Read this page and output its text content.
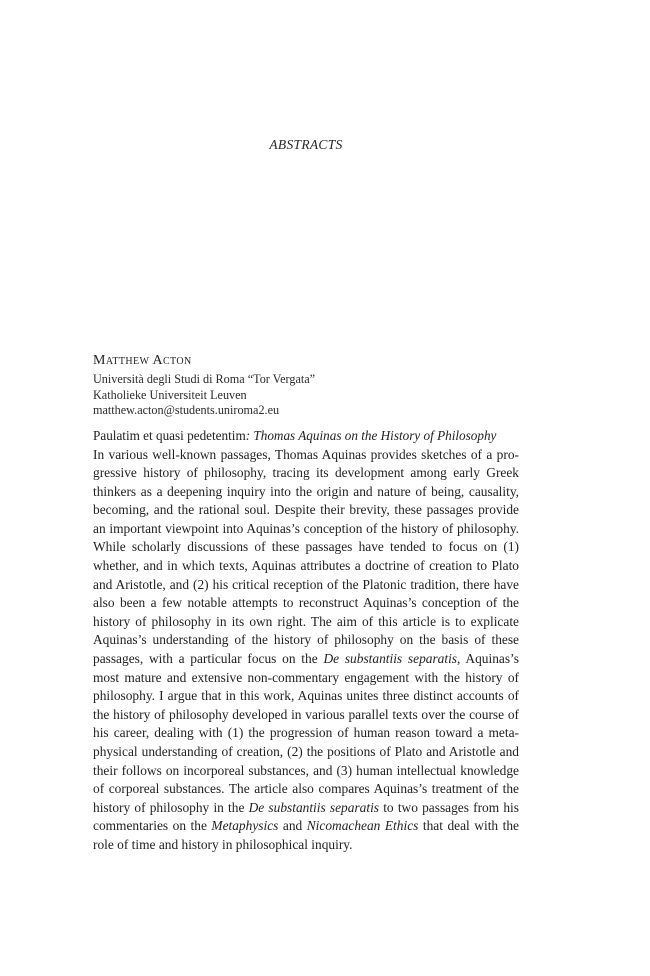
ABSTRACTS
Matthew Acton
Università degli Studi di Roma “Tor Vergata”
Katholieke Universiteit Leuven
matthew.acton@students.uniroma2.eu
Paulatim et quasi pedetentim: Thomas Aquinas on the History of Philosophy
In various well-known passages, Thomas Aquinas provides sketches of a progressive history of philosophy, tracing its development among early Greek thinkers as a deepening inquiry into the origin and nature of being, causality, becoming, and the rational soul. Despite their brevity, these passages provide an important viewpoint into Aquinas’s conception of the history of philosophy. While scholarly discussions of these passages have tended to focus on (1) whether, and in which texts, Aquinas attributes a doctrine of creation to Plato and Aristotle, and (2) his critical reception of the Platonic tradition, there have also been a few notable attempts to reconstruct Aquinas’s conception of the history of philosophy in its own right. The aim of this article is to explicate Aquinas’s understanding of the history of philosophy on the basis of these passages, with a particular focus on the De substantiis separatis, Aquinas’s most mature and extensive non-commentary engagement with the history of philosophy. I argue that in this work, Aquinas unites three distinct accounts of the history of philosophy developed in various parallel texts over the course of his career, dealing with (1) the progression of human reason toward a metaphysical understanding of creation, (2) the positions of Plato and Aristotle and their follows on incorporeal substances, and (3) human intellectual knowledge of corporeal substances. The article also compares Aquinas’s treatment of the history of philosophy in the De substantiis separatis to two passages from his commentaries on the Metaphysics and Nicomachean Ethics that deal with the role of time and history in philosophical inquiry.
